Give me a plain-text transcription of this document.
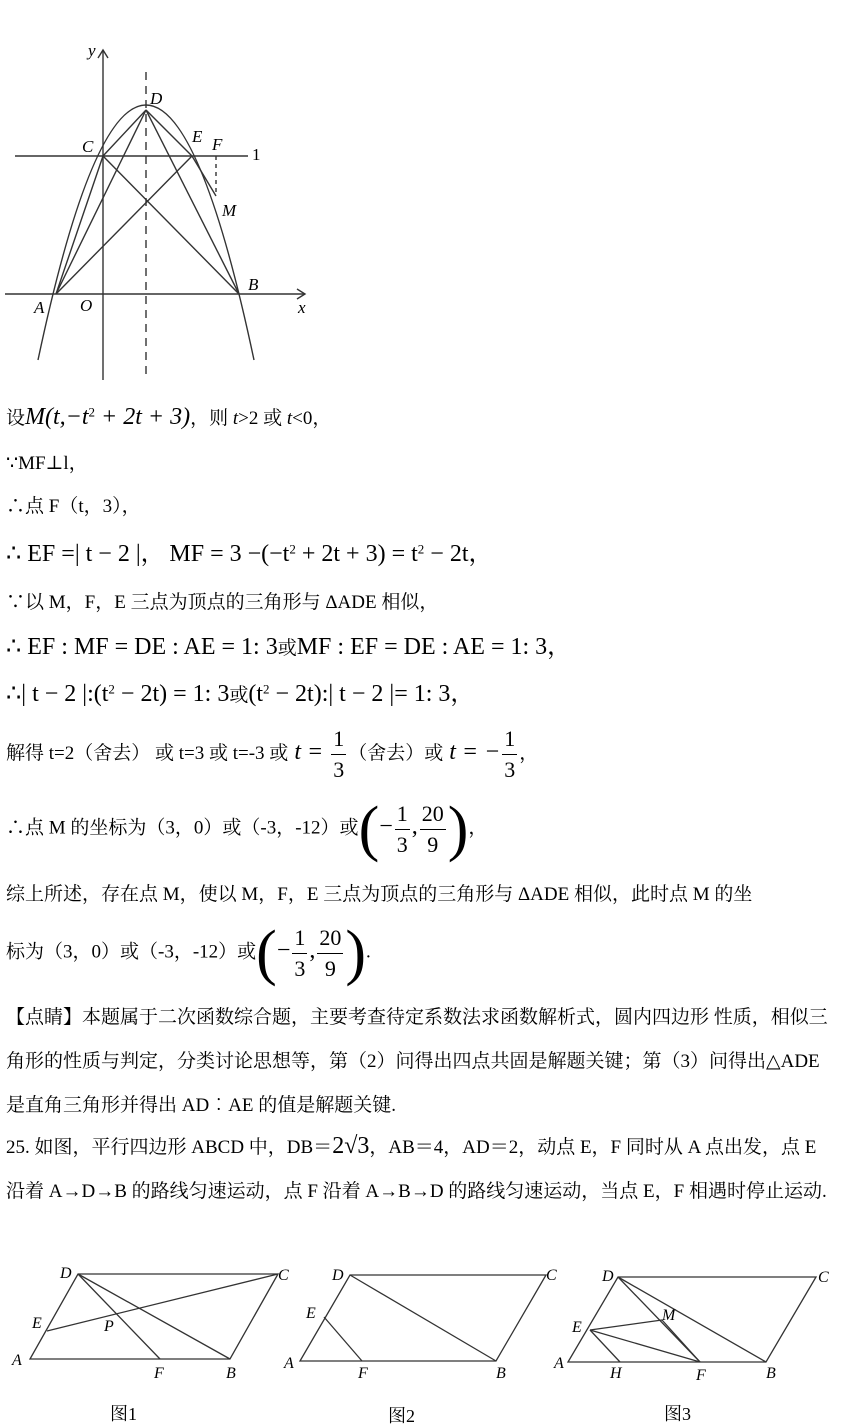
y
x
D
C
E F
1
M
A O
B
设$M(t,-t^2 + 2t + 3)$，则 t>2 或 t<0，
∵MF⊥l，
∴点 F（t，3），
∴ EF =| t − 2 |， MF = $3 -(-t^2 + 2t + 3) = t^2 - 2t$，
∵以 M，F，E 三点为顶点的三角形与 ΔADE 相似，
∴ EF : MF = DE : AE = 1: 3或MF : EF = DE : AE = 1: 3，
∴| t − 2 $|:(t^2 - 2t) = 1$: 3或($t^2$ − 2t):| t − 2 |= 1: 3，
解得 t=2（舍去） 或 t=3 或 t=-3 或 $t = \frac{1}{3}$ （舍去）或 t = − $\frac{1}{3}$ ，
∴点 M 的坐标为（3，0）或（-3，-12）或(− $\frac{1}{3}$ , $\frac{20}{9}$ )，
综上所述，存在点 M，使以 M，F，E 三点为顶点的三角形与 ΔADE 相似，此时点 M 的坐
标为（3，0）或（-3，-12）或(− $\frac{1}{3}$ , $\frac{20}{9}$ ).
【点睛】本题属于二次函数综合题，主要考查待定系数法求函数解析式，圆内四边形 性质，相似三角形的性质与判定，分类讨论思想等，第（2）问得出四点共固是解题关键；第（3）问得出△ADE 是直角三角形并得出 AD︰AE 的值是解题关键.
25. 如图，平行四边形 ABCD 中，DB＝2√3，AB＝4，AD＝2，动点 E，F 同时从 A 点出发，点 E 沿着 A→D→B 的路线匀速运动，点 F 沿着 A→B→D 的路线匀速运动，当点 E，F 相遇时停止运动.
D	C
E	P
A
F	B
图1
D	C
E
A
F	B
图2
D	C
M
E
A
H	F	B
图3
